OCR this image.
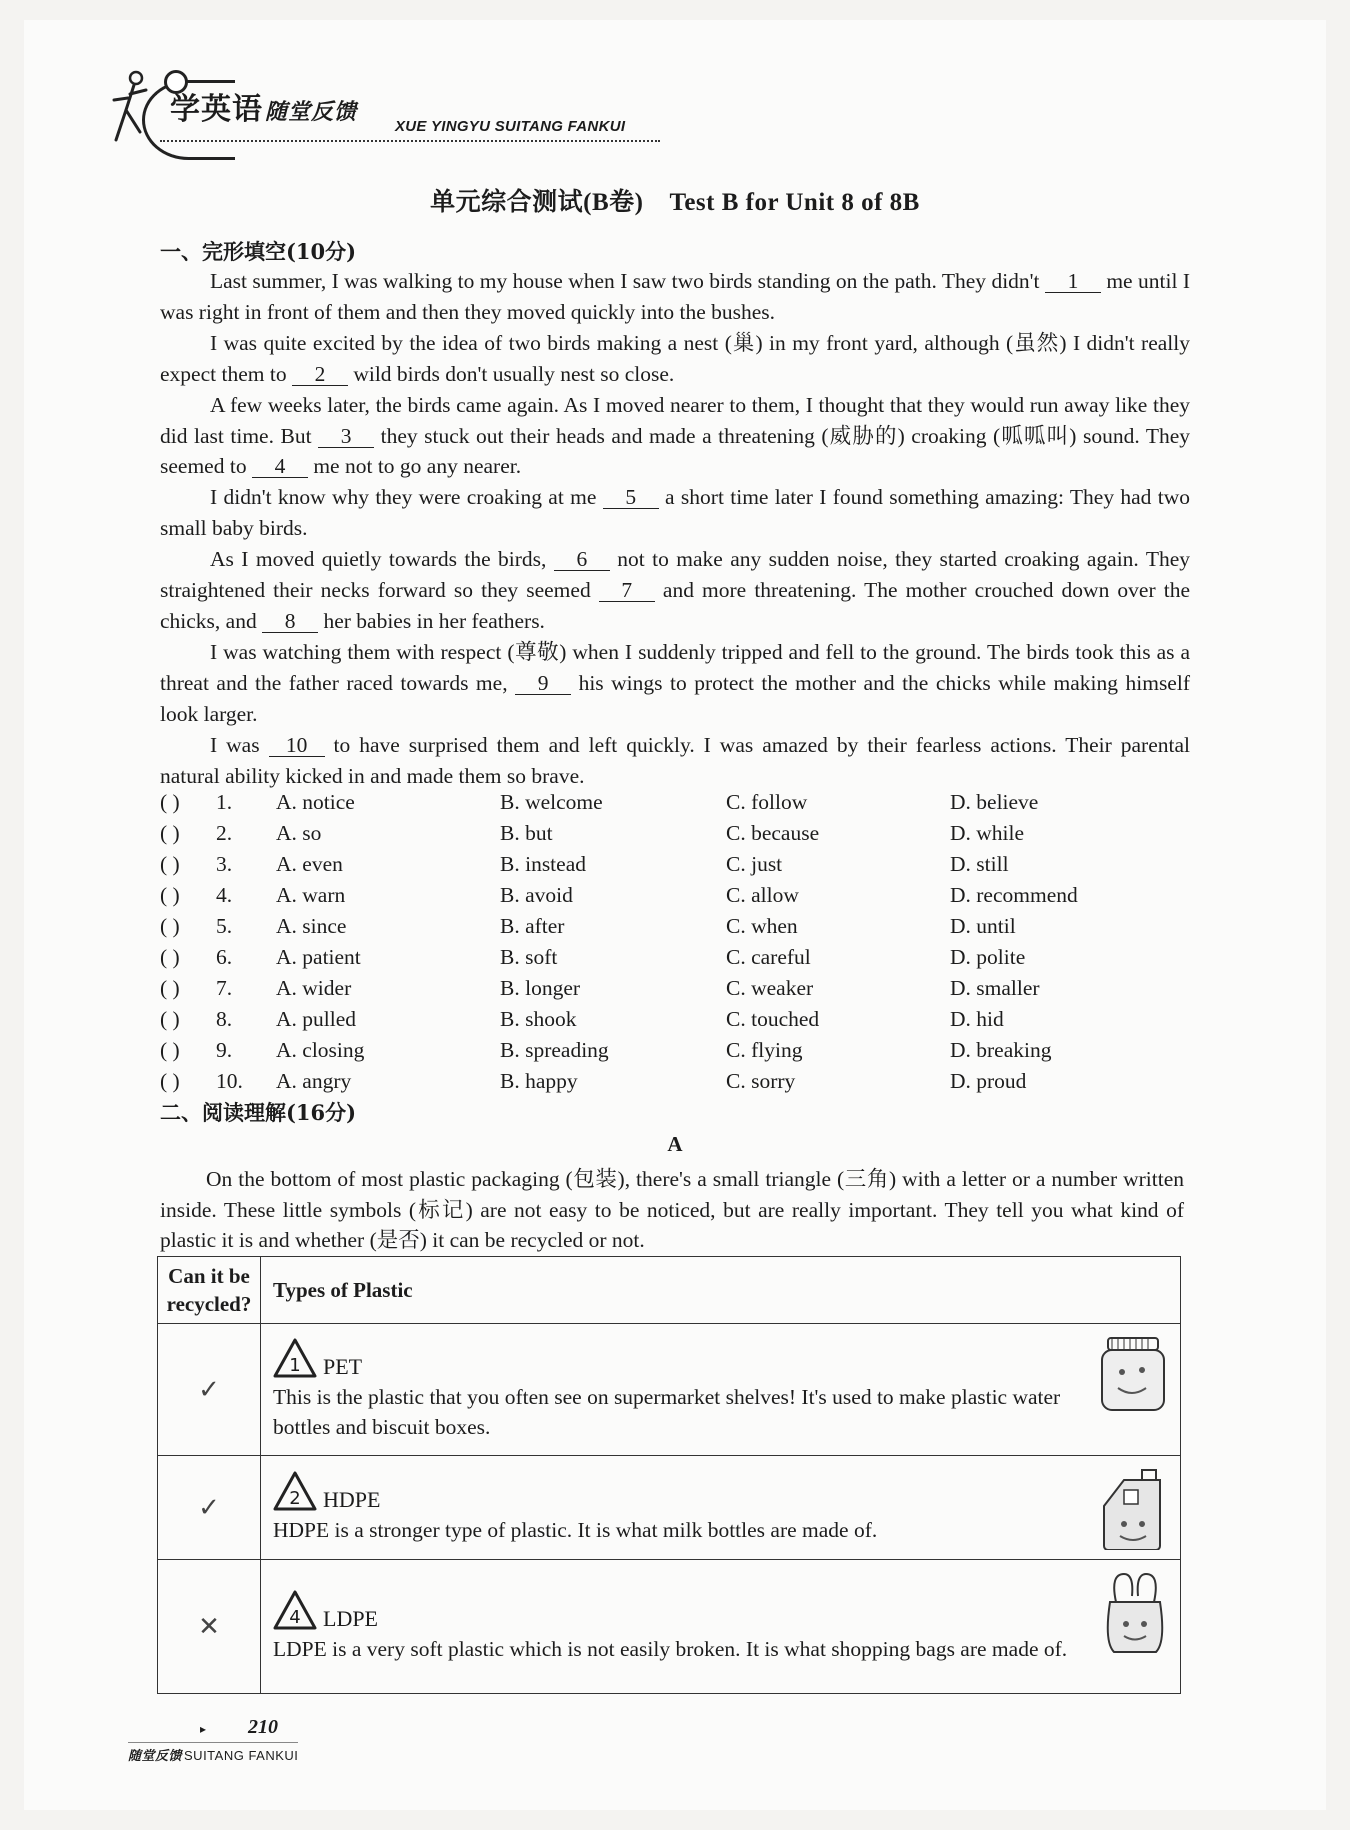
学英语随堂反馈
XUE YINGYU SUITANG FANKUI
单元综合测试(B卷) Test B for Unit 8 of 8B
一、完形填空(10分)

Last summer, I was walking to my house when I saw two birds standing on the path. They didn't 1 me until I was right in front of them and then they moved quickly into the bushes.

I was quite excited by the idea of two birds making a nest (巢) in my front yard, although (虽然) I didn't really expect them to 2 wild birds don't usually nest so close.

A few weeks later, the birds came again. As I moved nearer to them, I thought that they would run away like they did last time. But 3 they stuck out their heads and made a threatening (威胁的) croaking (呱呱叫) sound. They seemed to 4 me not to go any nearer.

I didn't know why they were croaking at me 5 a short time later I found something amazing: They had two small baby birds.

As I moved quietly towards the birds, 6 not to make any sudden noise, they started croaking again. They straightened their necks forward so they seemed 7 and more threatening. The mother crouched down over the chicks, and 8 her babies in her feathers.

I was watching them with respect (尊敬) when I suddenly tripped and fell to the ground. The birds took this as a threat and the father raced towards me, 9 his wings to protect the mother and the chicks while making himself look larger.

I was 10 to have surprised them and left quickly. I was amazed by their fearless actions. Their parental natural ability kicked in and made them so brave.

( ) 1. A. notice	B. welcome	C. follow	D. believe
( ) 2. A. so	B. but	C. because	D. while
( ) 3. A. even	B. instead	C. just	D. still
( ) 4. A. warn	B. avoid	C. allow	D. recommend
( ) 5. A. since	B. after	C. when	D. until
( ) 6. A. patient	B. soft	C. careful	D. polite
( ) 7. A. wider	B. longer	C. weaker	D. smaller
( ) 8. A. pulled	B. shook	C. touched	D. hid
( ) 9. A. closing	B. spreading	C. flying	D. breaking
( ) 10. A. angry	B. happy	C. sorry	D. proud
二、阅读理解(16分)
A

On the bottom of most plastic packaging (包装), there's a small triangle (三角) with a letter or a number written inside. These little symbols (标记) are not easy to be noticed, but are really important. They tell you what kind of plastic it is and whether (是否) it can be recycled or not.

Can it be recycled?	Types of Plastic
✓	1 PET
This is the plastic that you often see on supermarket shelves! It's used to make plastic water bottles and biscuit boxes.

✓	2 HDPE
HDPE is a stronger type of plastic. It is what milk bottles are made of.

✕	4 LDPE
LDPE is a very soft plastic which is not easily broken. It is what shopping bags are made of.
▸ 210
随堂反馈 SUITANG FANKUI
